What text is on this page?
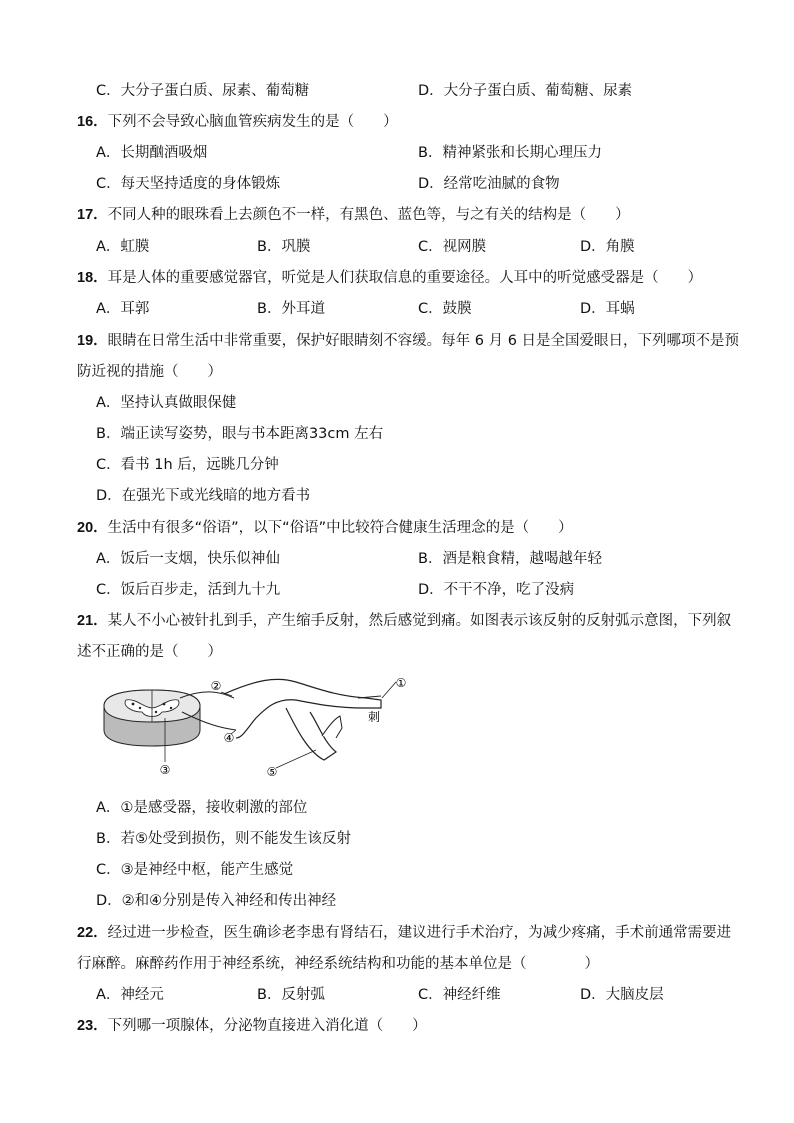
C．大分子蛋白质、尿素、葡萄糖	D．大分子蛋白质、葡萄糖、尿素
16．下列不会导致心脑血管疾病发生的是（　　）
A．长期酗酒吸烟	B．精神紧张和长期心理压力
C．每天坚持适度的身体锻炼	D．经常吃油腻的食物
17．不同人种的眼珠看上去颜色不一样，有黑色、蓝色等，与之有关的结构是（　　）
A．虹膜	B．巩膜	C．视网膜	D．角膜
18．耳是人体的重要感觉器官，听觉是人们获取信息的重要途径。人耳中的听觉感受器是（　　）
A．耳郭	B．外耳道	C．鼓膜	D．耳蜗
19．眼睛在日常生活中非常重要，保护好眼睛刻不容缓。每年 6 月 6 日是全国爱眼日，下列哪项不是预
防近视的措施（　　）
A．坚持认真做眼保健
B．端正读写姿势，眼与书本距离33cm 左右
C．看书 1h 后，远眺几分钟
D．在强光下或光线暗的地方看书
20．生活中有很多“俗语”，以下“俗语”中比较符合健康生活理念的是（　　）
A．饭后一支烟，快乐似神仙	B．酒是粮食精，越喝越年轻
C．饭后百步走，活到九十九	D．不干不净，吃了没病
21．某人不小心被针扎到手，产生缩手反射，然后感觉到痛。如图表示该反射的反射弧示意图，下列叙
述不正确的是（　　）
①
②
③
④
⑤
刺
A．①是感受器，接收刺激的部位
B．若⑤处受到损伤，则不能发生该反射
C．③是神经中枢，能产生感觉
D．②和④分别是传入神经和传出神经
22．经过进一步检查，医生确诊老李患有肾结石，建议进行手术治疗，为减少疼痛，手术前通常需要进
行麻醉。麻醉药作用于神经系统，神经系统结构和功能的基本单位是（　　　　）
A．神经元	B．反射弧	C．神经纤维	D．大脑皮层
23．下列哪一项腺体，分泌物直接进入消化道（　　）
